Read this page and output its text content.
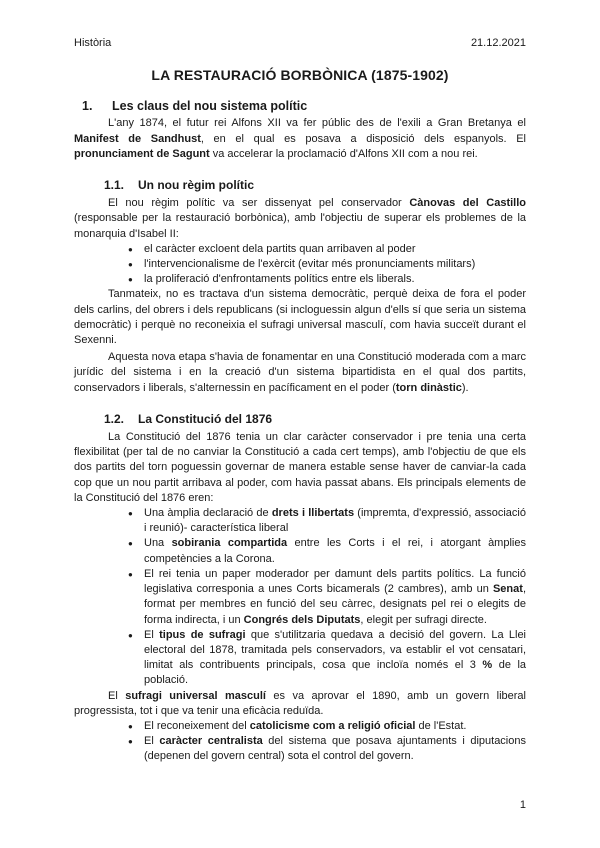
Història	21.12.2021
LA RESTAURACIÓ BORBÒNICA (1875-1902)
1.	Les claus del nou sistema polític

L'any 1874, el futur rei Alfons XII va fer públic des de l'exili a Gran Bretanya el Manifest de Sandhust, en el qual es posava a disposició dels espanyols. El pronunciament de Sagunt va accelerar la proclamació d'Alfons XII com a nou rei.

1.1. Un nou règim polític

El nou règim polític va ser dissenyat pel conservador Cànovas del Castillo (responsable per la restauració borbònica), amb l'objectiu de superar els problemes de la monarquia d'Isabel II:

● el caràcter excloent dela partits quan arribaven al poder
● l'intervencionalisme de l'exèrcit (evitar més pronunciaments militars)
● la proliferació d'enfrontaments polítics entre els liberals.

Tanmateix, no es tractava d'un sistema democràtic, perquè deixa de fora el poder dels carlins, del obrers i dels republicans (si incloguessin algun d'ells sí que seria un sistema democràtic) i perquè no reconeixia el sufragi universal masculí, com havia succeït durant el Sexenni.

Aquesta nova etapa s'havia de fonamentar en una Constitució moderada com a marc jurídic del sistema i en la creació d'un sistema bipartidista en el qual dos partits, conservadors i liberals, s'alternessin en pacíficament en el poder (torn dinàstic).

1.2. La Constitució del 1876

La Constitució del 1876 tenia un clar caràcter conservador i pre tenia una certa flexibilitat (per tal de no canviar la Constitució a cada cert temps), amb l'objectiu de que els dos partits del torn poguessin governar de manera estable sense haver de canviar-la cada cop que un nou partit arribava al poder, com havia passat abans. Els principals elements de la Constitució del 1876 eren:

● Una àmplia declaració de drets i llibertats (impremta, d'expressió, associació i reunió)- característica liberal
● Una sobirania compartida entre les Corts i el rei, i atorgant àmplies competències a la Corona.
● El rei tenia un paper moderador per damunt dels partits polítics. La funció legislativa corresponia a unes Corts bicamerals (2 cambres), amb un Senat, format per membres en funció del seu càrrec, designats pel rei o elegits de forma indirecta, i un Congrés dels Diputats, elegit per sufragi directe.
● El tipus de sufragi que s'utilitzaria quedava a decisió del govern. La Llei electoral del 1878, tramitada pels conservadors, va establir el vot censatari, limitat als contribuents principals, cosa que incloïa només el 3 % de la població.

El sufragi universal masculí es va aprovar el 1890, amb un govern liberal progressista, tot i que va tenir una eficàcia reduïda.

● El reconeixement del catolicisme com a religió oficial de l'Estat.
● El caràcter centralista del sistema que posava ajuntaments i diputacions (depenen del govern central) sota el control del govern.
1
